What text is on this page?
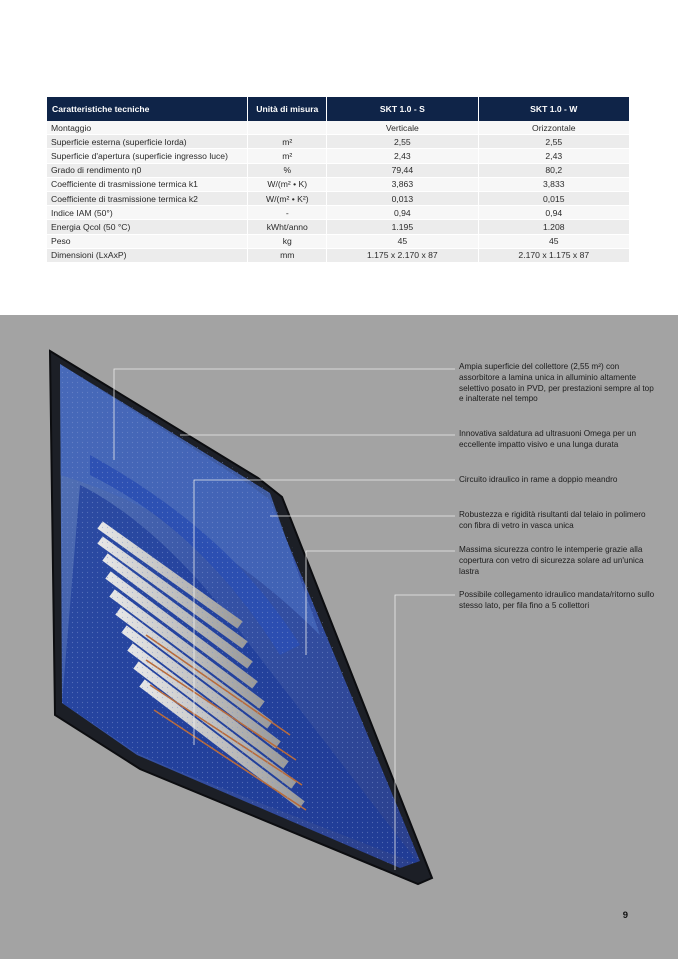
Caratteristiche tecniche	Unità di misura	SKT 1.0 - S	SKT 1.0 - W
Montaggio		Verticale	Orizzontale
Superficie esterna (superficie lorda)	m²	2,55	2,55
Superficie d'apertura (superficie ingresso luce)	m²	2,43	2,43
Grado di rendimento η0	%	79,44	80,2
Coefficiente di trasmissione termica k1	W/(m² • K)	3,863	3,833
Coefficiente di trasmissione termica k2	W/(m² • K²)	0,013	0,015
Indice IAM (50°)	-	0,94	0,94
Energia Qcol (50 °C)	kWht/anno	1.195	1.208
Peso	kg	45	45
Dimensioni (LxAxP)	mm	1.175 x 2.170 x 87	2.170 x 1.175 x 87
Ampia superficie del collettore (2,55 m²) con assorbitore a lamina unica in alluminio altamente selettivo posato in PVD, per prestazioni sempre al top e inalterate nel tempo
Innovativa saldatura ad ultrasuoni Omega per un eccellente impatto visivo e una lunga durata
Circuito idraulico in rame a doppio meandro
Robustezza e rigidità risultanti dal telaio in polimero con fibra di vetro in vasca unica
Massima sicurezza contro le intemperie grazie alla copertura con vetro di sicurezza solare ad un'unica lastra
Possibile collegamento idraulico mandata/ritorno sullo stesso lato, per fila fino a 5 collettori
9
